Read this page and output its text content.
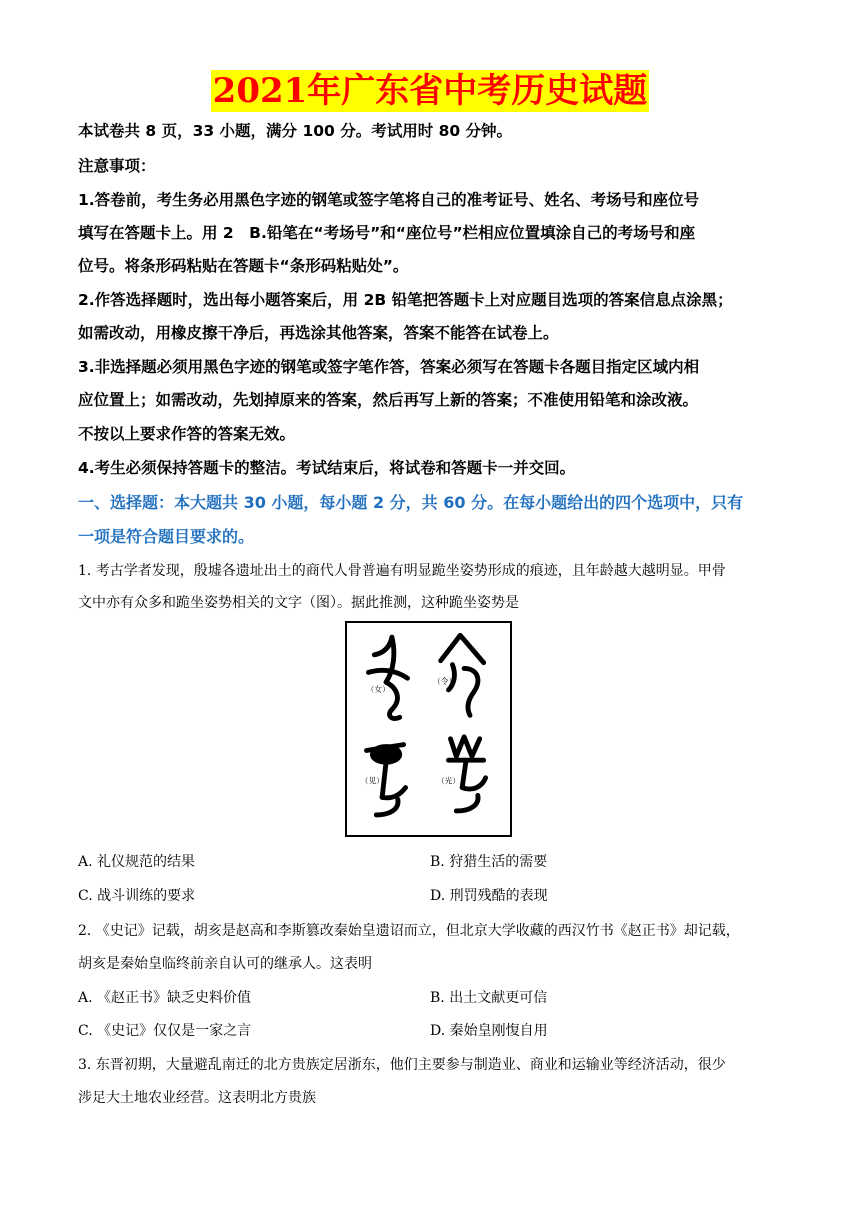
2021年广东省中考历史试题
本试卷共 8 页，33 小题，满分 100 分。考试用时 80 分钟。
注意事项：
1.答卷前，考生务必用黑色字迹的钢笔或签字笔将自己的准考证号、姓名、考场号和座位号
填写在答题卡上。用 2　B.铅笔在“考场号”和“座位号”栏相应位置填涂自己的考场号和座
位号。将条形码粘贴在答题卡“条形码粘贴处”。
2.作答选择题时，选出每小题答案后，用 2B 铅笔把答题卡上对应题目选项的答案信息点涂黑；
如需改动，用橡皮擦干净后，再选涂其他答案，答案不能答在试卷上。
3.非选择题必须用黑色字迹的钢笔或签字笔作答，答案必须写在答题卡各题目指定区域内相
应位置上；如需改动，先划掉原来的答案，然后再写上新的答案；不准使用铅笔和涂改液。
不按以上要求作答的答案无效。
4.考生必须保持答题卡的整洁。考试结束后，将试卷和答题卡一并交回。
一、选择题：本大题共 30 小题，每小题 2 分，共 60 分。在每小题给出的四个选项中，只有
一项是符合题目要求的。
1. 考古学者发现，殷墟各遗址出土的商代人骨普遍有明显跪坐姿势形成的痕迹，且年龄越大越明显。甲骨
文中亦有众多和跪坐姿势相关的文字（图）。据此推测，这种跪坐姿势是
（女）
（令）
（见）	（光）
A. 礼仪规范的结果	B. 狩猎生活的需要
C. 战斗训练的要求	D. 刑罚残酷的表现
2. 《史记》记载，胡亥是赵高和李斯篡改秦始皇遗诏而立，但北京大学收藏的西汉竹书《赵正书》却记载，
胡亥是秦始皇临终前亲自认可的继承人。这表明
A. 《赵正书》缺乏史料价值	B. 出土文献更可信
C. 《史记》仅仅是一家之言	D. 秦始皇刚愎自用
3. 东晋初期，大量避乱南迁的北方贵族定居浙东，他们主要参与制造业、商业和运输业等经济活动，很少
涉足大土地农业经营。这表明北方贵族
